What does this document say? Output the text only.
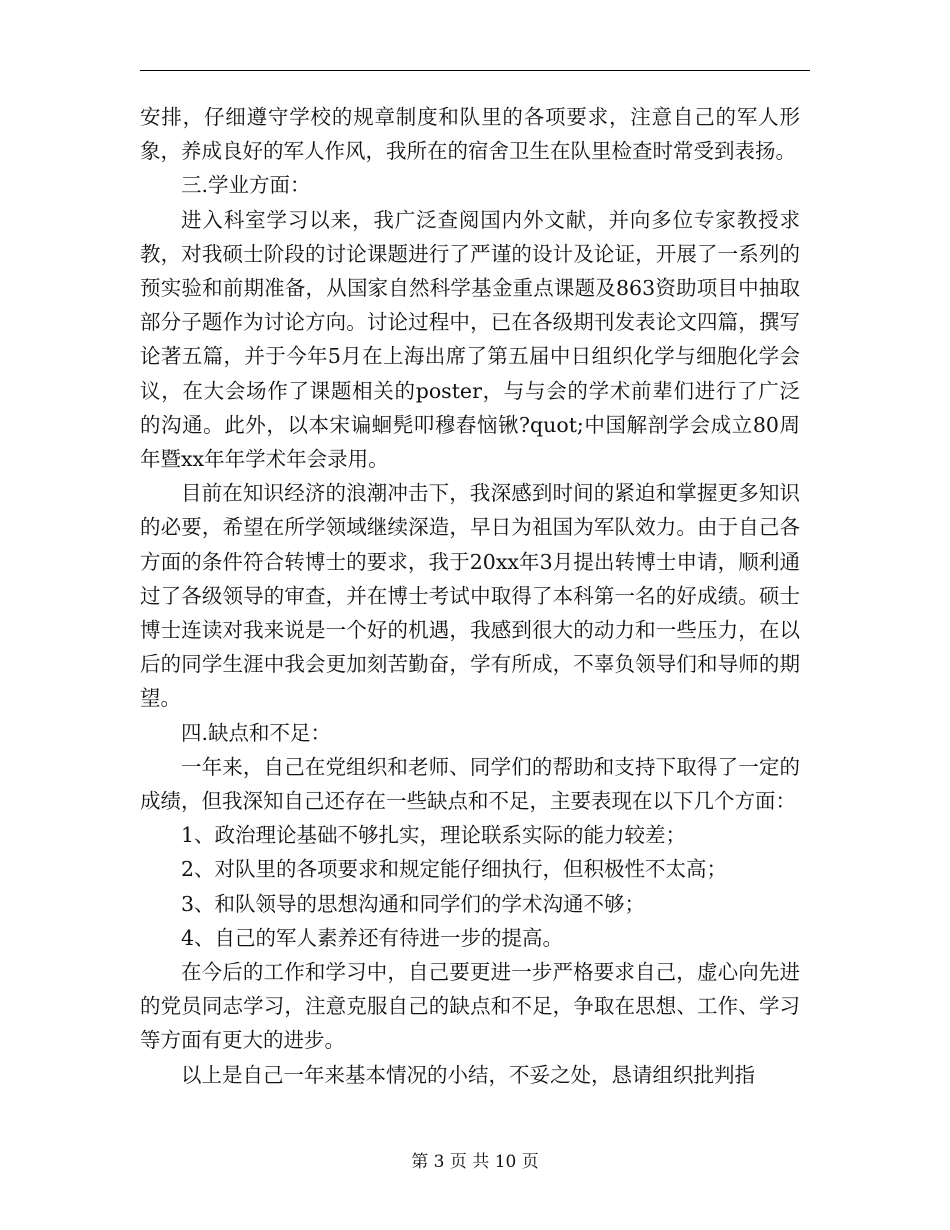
安排，仔细遵守学校的规章制度和队里的各项要求，注意自己的军人形象，养成良好的军人作风，我所在的宿舍卫生在队里检查时常受到表扬。

三.学业方面：

进入科室学习以来，我广泛查阅国内外文献，并向多位专家教授求教，对我硕士阶段的讨论课题进行了严谨的设计及论证，开展了一系列的预实验和前期准备，从国家自然科学基金重点课题及863资助项目中抽取部分子题作为讨论方向。讨论过程中，已在各级期刊发表论文四篇，撰写论著五篇，并于今年5月在上海出席了第五届中日组织化学与细胞化学会议，在大会场作了课题相关的poster，与与会的学术前辈们进行了广泛的沟通。此外，以本宋谝蛔髡叩穆舂恼锹?quot;中国解剖学会成立80周年暨xx年年学术年会录用。

目前在知识经济的浪潮冲击下，我深感到时间的紧迫和掌握更多知识的必要，希望在所学领域继续深造，早日为祖国为军队效力。由于自己各方面的条件符合转博士的要求，我于20xx年3月提出转博士申请，顺利通过了各级领导的审查，并在博士考试中取得了本科第一名的好成绩。硕士博士连读对我来说是一个好的机遇，我感到很大的动力和一些压力，在以后的同学生涯中我会更加刻苦勤奋，学有所成，不辜负领导们和导师的期望。

四.缺点和不足：

一年来，自己在党组织和老师、同学们的帮助和支持下取得了一定的成绩，但我深知自己还存在一些缺点和不足，主要表现在以下几个方面：

1、政治理论基础不够扎实，理论联系实际的能力较差；

2、对队里的各项要求和规定能仔细执行，但积极性不太高；

3、和队领导的思想沟通和同学们的学术沟通不够；

4、自己的军人素养还有待进一步的提高。

在今后的工作和学习中，自己要更进一步严格要求自己，虚心向先进的党员同志学习，注意克服自己的缺点和不足，争取在思想、工作、学习等方面有更大的进步。

以上是自己一年来基本情况的小结，不妥之处，恳请组织批判指

第 3 页 共 10 页
